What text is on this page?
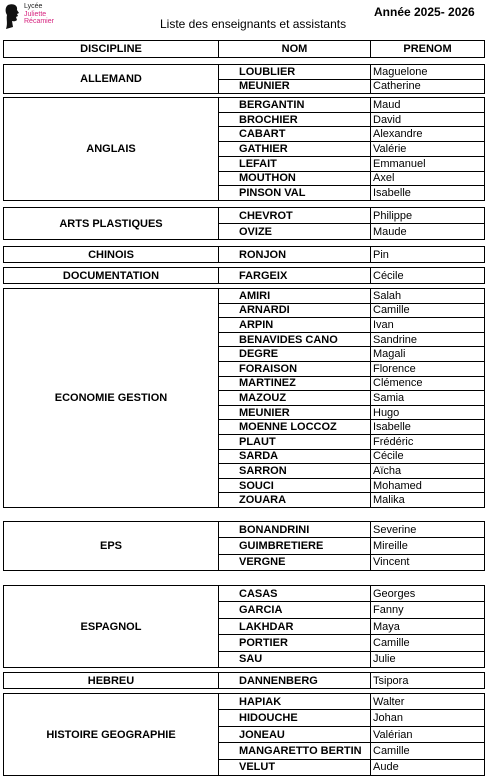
Lycée
Juliette
Récamier	Liste des enseignants et assistants
Année 2025- 2026
DISCIPLINE	NOM	PRENOM
ALLEMAND
LOUBLIER	Maguelone
MEUNIER	Catherine
ANGLAIS
BERGANTIN	Maud
BROCHIER	David
CABART	Alexandre
GATHIER	Valérie
LEFAIT	Emmanuel
MOUTHON	Axel
PINSON VAL	Isabelle
ARTS PLASTIQUES
CHEVROT	Philippe
OVIZE	Maude
CHINOIS	RONJON	Pin
DOCUMENTATION	FARGEIX	Cécile
ECONOMIE GESTION
AMIRI	Salah
ARNARDI	Camille
ARPIN	Ivan
BENAVIDES CANO	Sandrine
DEGRE	Magali
FORAISON	Florence
MARTINEZ	Clémence
MAZOUZ	Samia
MEUNIER	Hugo
MOENNE LOCCOZ	Isabelle
PLAUT	Frédéric
SARDA	Cécile
SARRON	Aïcha
SOUCI	Mohamed
ZOUARA	Malika
EPS
BONANDRINI	Severine
GUIMBRETIERE	Mireille
VERGNE	Vincent
ESPAGNOL
CASAS	Georges
GARCIA	Fanny
LAKHDAR	Maya
PORTIER	Camille
SAU	Julie
HEBREU	DANNENBERG	Tsipora
HISTOIRE GEOGRAPHIE
HAPIAK	Walter
HIDOUCHE	Johan
JONEAU	Valérian
MANGARETTO BERTIN	Camille
VELUT	Aude
